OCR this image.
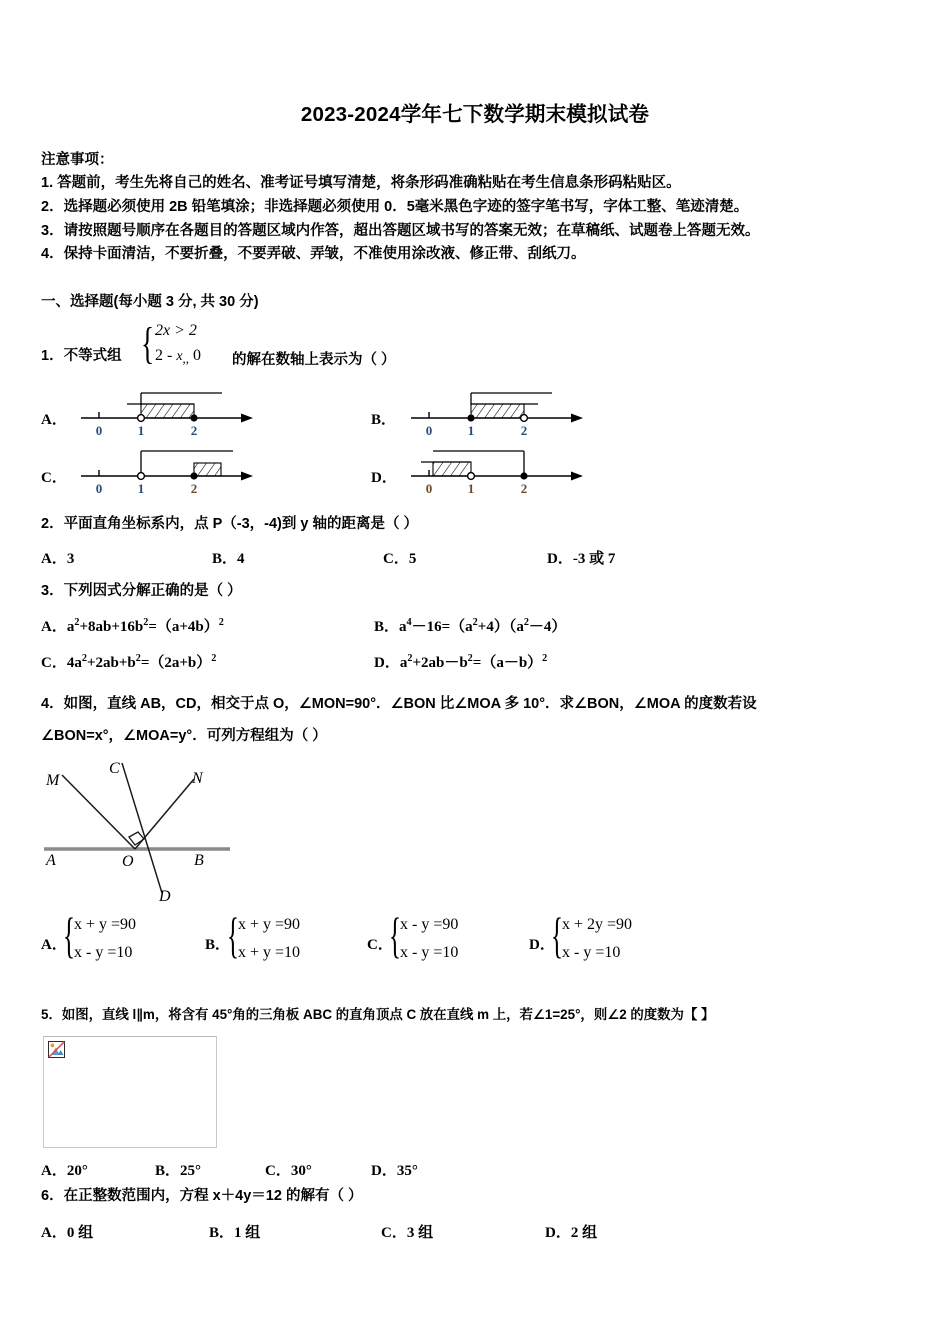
2023-2024学年七下数学期末模拟试卷
注意事项：
1. 答题前，考生先将自己的姓名、准考证号填写清楚，将条形码准确粘贴在考生信息条形码粘贴区。
2．选择题必须使用 2B 铅笔填涂；非选择题必须使用 0．5毫米黑色字迹的签字笔书写，字体工整、笔迹清楚。
3．请按照题号顺序在各题目的答题区域内作答，超出答题区域书写的答案无效；在草稿纸、试题卷上答题无效。
4．保持卡面清洁，不要折叠，不要弄破、弄皱，不准使用涂改液、修正带、刮纸刀。
一、选择题(每小题 3 分, 共 30 分)
1．不等式组 { 2x > 2
$2 - x_{,,}$ 0 的解在数轴上表示为（ ）
A．
0	1	2
B．
0	1	2
C．
0	1	2
D．
0	1	2
2．平面直角坐标系内，点 P（-3，-4)到 y 轴的距离是（ ）
A．3	B．4	C．5	D．-3 或 7
3．下列因式分解正确的是（ ）
A．$a^2+8ab+16b^2=(a+4b)^2$	B．$a^4-16=(a^2+4)(a^2-4)$
C．$4a^2+2ab+b^2=(2a+b)^2$	D．$a^2+2ab-b^2=(a-b)^2$
4．如图，直线 AB，CD，相交于点 O，∠MON=90°．∠BON 比∠MOA 多 10°．求∠BON，∠MOA 的度数若设
∠BON=x°，∠MOA=y°．可列方程组为（ ）
M
C
N
A	O	B
D
A．
{ x + y =90
x - y =10	B．
{ x + y =90
x + y =10	C．
{ x - y =90
x - y =10	D．
{ x + 2y =90
x - y =10
5．如图，直线 l∥m，将含有 45°角的三角板 ABC 的直角顶点 C 放在直线 m 上，若∠1=25°，则∠2 的度数为【 】
A．20°	B．25°	C．30°	D．35°
6．在正整数范围内，方程 x＋4y＝12 的解有（ ）
A．0 组	B．1 组	C．3 组	D．2 组
